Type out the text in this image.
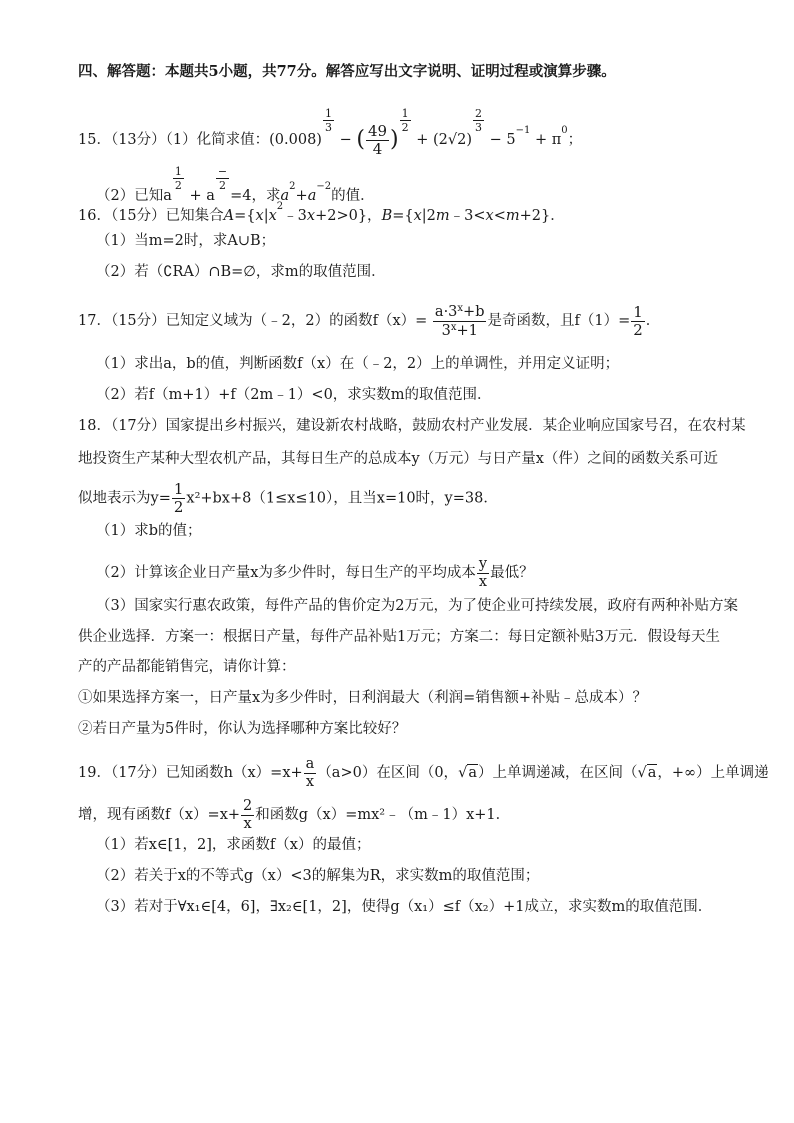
四、解答题：本题共5小题，共77分。解答应写出文字说明、证明过程或演算步骤。
15．（13分）（1）化简求值：(0.008)
$\frac{1}{3}$
− ( $\frac{49}{4}$ )
$\frac{1}{2}$
+ (2√2)
$\frac{2}{3}$
− $5^{-1} + \pi^0$；
（2）已知a
$\frac{1}{2}$
+ a
$\frac{-}{2}$
=4，求$a^2+a^{-2}$的值．
16．（15分）已知集合$A=\{x|x^2﹣3x+2>0\}$，B={x|2m﹣3<x<m+2}．
（1）当m=2时，求A∪B；
（2）若（∁RA）∩B=∅，求m的取值范围．
17．（15分）已知定义域为（﹣2，2）的函数$f(x)= \frac{a\cdot 3^x+b}{3^x+1}$ 是奇函数，且$f(1)= \frac{1}{2}$ ．
（1）求出a，b的值，判断函数f（x）在（﹣2，2）上的单调性，并用定义证明；
（2）若f（m+1）+f（2m﹣1）<0，求实数m的取值范围．
18．（17分）国家提出乡村振兴，建设新农村战略，鼓励农村产业发展．某企业响应国家号召，在农村某
地投资生产某种大型农机产品，其每日生产的总成本y（万元）与日产量x（件）之间的函数关系可近
似地表示为$y= \frac{1}{2} x^2+bx+8(1\le x\le 10)$，且当x=10时，y=38．
（1）求b的值；
（2）计算该企业日产量x为多少件时，每日生产的平均成本 $\frac{y}{x}$ 最低？
（3）国家实行惠农政策，每件产品的售价定为2万元，为了使企业可持续发展，政府有两种补贴方案
供企业选择．方案一：根据日产量，每件产品补贴1万元；方案二：每日定额补贴3万元．假设每天生
产的产品都能销售完，请你计算：
①如果选择方案一，日产量x为多少件时，日利润最大（利润=销售额+补贴﹣总成本）？
②若日产量为5件时，你认为选择哪种方案比较好？
19．（17分）已知函数$h(x)=x+ \frac{a}{x} (a>0)$在区间（0，√a）上单调递减，在区间（√a，+∞）上单调递
增，现有函数$f(x)=x+ \frac{2}{x}$ 和函数g（x）=mx²﹣（m﹣1）x+1．
（1）若x∈[1，2]，求函数f（x）的最值；
（2）若关于x的不等式g（x）<3的解集为R，求实数m的取值范围；
（3）若对于∀x₁∈[4，6]，∃x₂∈[1，2]，使得g（x₁）≤f（x₂）+1成立，求实数m的取值范围．
